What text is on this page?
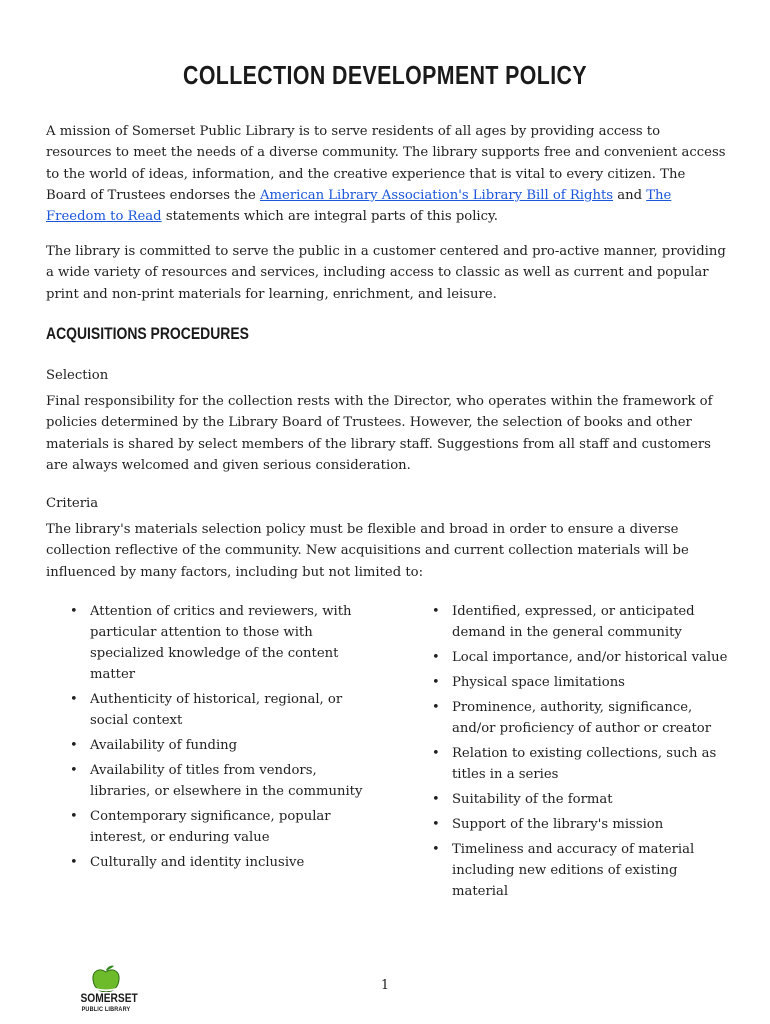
COLLECTION DEVELOPMENT POLICY

A mission of Somerset Public Library is to serve residents of all ages by providing access to resources to meet the needs of a diverse community. The library supports free and convenient access to the world of ideas, information, and the creative experience that is vital to every citizen. The Board of Trustees endorses the American Library Association's Library Bill of Rights and The Freedom to Read statements which are integral parts of this policy.

The library is committed to serve the public in a customer centered and pro-active manner, providing a wide variety of resources and services, including access to classic as well as current and popular print and non-print materials for learning, enrichment, and leisure.

ACQUISITIONS PROCEDURES
Selection

Final responsibility for the collection rests with the Director, who operates within the framework of policies determined by the Library Board of Trustees. However, the selection of books and other materials is shared by select members of the library staff. Suggestions from all staff and customers are always welcomed and given serious consideration.

Criteria

The library's materials selection policy must be flexible and broad in order to ensure a diverse collection reflective of the community. New acquisitions and current collection materials will be influenced by many factors, including but not limited to:

• Attention of critics and reviewers, with particular attention to those with specialized knowledge of the content matter
• Authenticity of historical, regional, or social context
• Availability of funding
• Availability of titles from vendors, libraries, or elsewhere in the community
• Contemporary significance, popular interest, or enduring value
• Culturally and identity inclusive
• Identified, expressed, or anticipated demand in the general community
• Local importance, and/or historical value
• Physical space limitations
• Prominence, authority, significance, and/or proficiency of author or creator
• Relation to existing collections, such as titles in a series
• Suitability of the format
• Support of the library's mission
• Timeliness and accuracy of material including new editions of existing material
SOMERSET
PUBLIC LIBRARY
1
